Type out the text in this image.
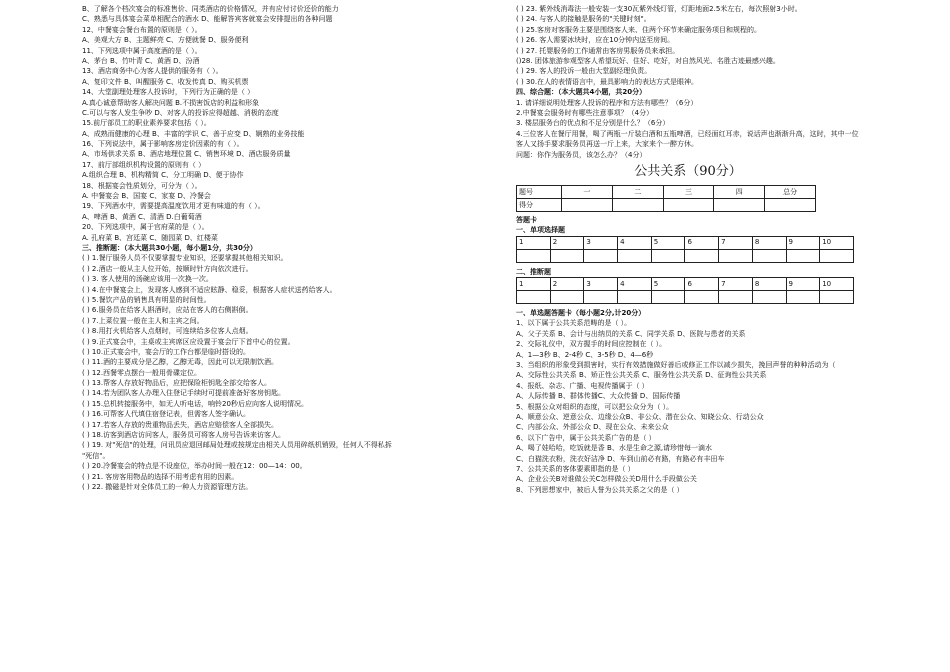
B、了解各个档次宴会的标准售价、同类酒店的价格情况，并有应付讨价还价的能力
C、熟悉与具体宴会菜单相配合的酒水 D、能解答宾客就宴会安排提出的各种问题
12、中餐宴会餐台布置的原则是（ ）。
A、美观大方 B、主题鲜亮 C、方便就餐 D、服务便利
11、下列选项中属于高度酒的是（ ）。
A、茅台 B、竹叶青 C、黄酒 D、汾酒
13、酒店商务中心为客人提供的服务有（ ）。
A、复印文件 B、叫醒服务 C、收发传真 D、购买机票
14、大堂副理处理客人投诉时，下列行为正确的是（ ）
A.真心诚意帮助客人解决问题 B.不损害饭店的利益和形象
C.可以与客人发生争吵 D、对客人的投诉应得超越、消极的态度
15.前厅部员工的职业素养要求包括（ ）。
A、成熟而健康的心理 B、丰富的学识 C、善于应变 D、娴熟的业务技能
16、下列说法中，属于影响客房定价因素的有（ ）。
A、市场供求关系 B、酒店地理位置 C、销售环境 D、酒店服务质量
17、前厅部组织机构设置的原则有（ ）
A.组织合理 B、机构精简 C、分工明确 D、便于协作
18、根据宴会性质划分，可分为（ ）。
A. 中餐宴会 B、国宴 C、家宴 D、冷餐会
19、下列酒水中，需要提高温度饮用才更有味道的有（ ）。
A、啤酒 B、黄酒 C、清酒 D.白葡萄酒
20、下列选项中，属于官府菜的是（ ）。
A. 孔府菜 B、宫廷菜 C、随园菜 D、红楼菜
三、推断题：（本大题共30小题，每小题1分，共30分）
( ) 1.餐厅服务人员不仅要掌握专业知识，还要掌握其他相关知识。
( ) 2.酒店一般从主人位开始，按顺时针方向依次进行。
( ) 3. 客人使用的汤碗应该用一次换一次。
( ) 4.在中餐宴会上，发现客人感到不适应眩静、稳妥，根据客人症状送药给客人。
( ) 5.餐饮产品的销售具有明显的时间性。
( ) 6.服务员在给客人斟酒时，应站在客人的右侧斟倒。
( ) 7.上菜位置一般在主人和主宾之间。
( ) 8.用打火机给客人点烟时，可连续给多位客人点烟。
( ) 9.正式宴会中，主桌或主宾席区应设置于宴会厅下首中心的位置。
( ) 10.正式宴会中，宴会厅的工作台都是临时搭设的。
( ) 11.酒的主要成分是乙醇，乙醇无毒，因此可以无限制饮酒。
( ) 12.西餐零点摆台一般用骨碟定位。
( ) 13.帮客人存放好物品后，应把保险柜钥匙全部交给客人。
( ) 14.若为团队客人办理入住登记手续时可提前准备好客房钥匙。
( ) 15.总机转接服务中，如无人听电话，响铃20秒后应向客人说明情况。
( ) 16.可帮客人代填住宿登记表，但需客人签字确认。
( ) 17.若客人存放的贵重物品丢失，酒店应赔偿客人全部损失。
( ) 18.访客到酒店访问客人，服务员可将客人房号告诉来访客人。
( ) 19. 对"死信"的处理，问讯员应退回邮局处理或按规定由相关人员用碎纸机销毁，任何人不得私拆
"死信"。
( ) 20.冷餐宴会的特点是不设座位，举办时间一般在12：00—14：00。
( ) 21. 客房客用物品的选择不用考虑有用的因素。
( ) 22. 撒磁是针对全体员工的一种人力资源管理方法。
( ) 23. 紫外线消毒法一般安装一支30瓦紫外线灯管，灯距地面2.5米左右，每次照射3小时。
( ) 24. 与客人的接触是服务的"关键时刻"。
( ) 25.客房对客服务主要是围绕客人来、住两个环节来确定服务项目和规程的。
( ) 26. 客人需要冰块时，应在10分钟内送至房间。
( ) 27. 托婴服务的工作通常由客房男服务员来承担。
()28. 团体旅游参观型客人希望玩好、住好、吃好，对自然风光、名胜古迹最感兴趣。
( ) 29. 客人的投诉一般由大堂副经理负责。
( ) 30.在人的表情语言中，最具影响力的表达方式是眼神。
四、综合题：（本大题共4小题，共20分）
1. 请详细说明处理客人投诉的程序和方法有哪些？（6分）
2.中餐宴会服务时有哪些注意事项？（4分）
3. 楼层服务台的优点和不足分别是什么？（6分）
4.三位客人在餐厅用餐，喝了两瓶一斤装白酒和五瓶啤酒，已经面红耳赤，说话声也渐渐升高，这时，其中一位客人又扬手要求服务员再送一斤上来，大家来个一醉方休。
问题：你作为服务员，该怎么办？（4分）
公共关系（90分）
题号	一	二	三	四	总分
得分					
答题卡
一、单项选择题
1	2	3	4	5	6	7	8	9	10

二、推断题
1	2	3	4	5	6	7	8	9	10

一、单选题答题卡（每小题2分,计20分）
1、以下属于公共关系范畴的是（ ）。
A、父子关系 B、会计与出纳员的关系 C、同学关系 D、医院与患者的关系
2、交际礼仪中，双方握手的时间应控制在（ ）。
A、1—3秒 B、2-4秒 C、3-5秒 D、4—6秒
3、当组织的形象受到损害时，实行有效措施做好善后或修正工作以减少损失，挽回声誉的种种活动为（
A、交际性公共关系 B、矫正性公共关系 C、服务性公共关系 D、征询性公共关系
4、报纸、杂志、广播、电视传播属于（ ）
A、人际传播 B、群体传播C、大众传播 D、国际传播
5、根据公众对组织的态度，可以把公众分为（ ）。
A、顺意公众、逆意公众、边缘公众B、非公众、潜在公众、知晓公众、行动公众
C、内部公众、外部公众 D、现在公众、未来公众
6、以下广告中，属于公共关系广告的是（ ）
A、喝了娃哈哈，吃饭就是香 B、水是生命之源,请珍惜每一滴水
C、白猫洗衣粉，洗衣好洁净 D、车到山前必有路，有路必有丰田车
7、公共关系的客体要素即指的是（ ）
A、企业公关B对谁做公关C怎样做公关D用什么手段做公关
8、下列思想家中，被后人誉为公共关系之父的是（ ）
